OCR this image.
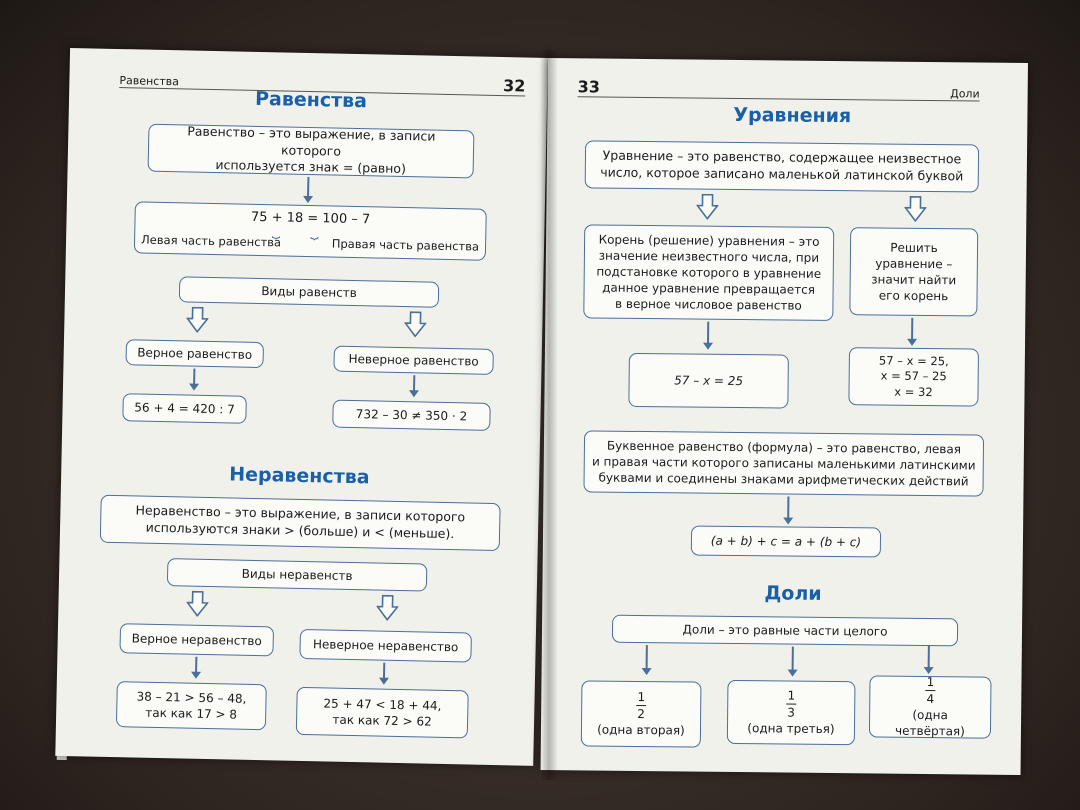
Равенства	32
Равенства
Равенство – это выражение, в записи которого
используется знак = (равно)
75 + 18 = 100 – 7
⏟⏟
Левая часть равенства	Правая часть равенства
Виды равенств
Верное равенство	Неверное равенство
56 + 4 = 420 : 7	732 – 30 ≠ 350 · 2
Неравенства
Неравенство – это выражение, в записи которого
используются знаки > (больше) и < (меньше).
Виды неравенств
Верное неравенство	Неверное неравенство
38 – 21 > 56 – 48,
так как 17 > 8
25 + 47 < 18 + 44,
так как 72 > 62
33	Доли
Уравнения
Уравнение – это равенство, содержащее неизвестное
число, которое записано маленькой латинской буквой
Корень (решение) уравнения – это
значение неизвестного числа, при
подстановке которого в уравнение
данное уравнение превращается
в верное числовое равенство
Решить уравнение –
значит найти
его корень
57 – x = 25
57 – x = 25,
x = 57 – 25
x = 32
Буквенное равенство (формула) – это равенство, левая
и правая части которого записаны маленькими латинскими
буквами и соединены знаками арифметических действий
(a + b) + c = a + (b + c)
Доли
Доли – это равные части целого
$\frac{1}{2}$
(одна вторая)
$\frac{1}{3}$
(одна третья)
$\frac{1}{4}$
(одна четвёртая)
